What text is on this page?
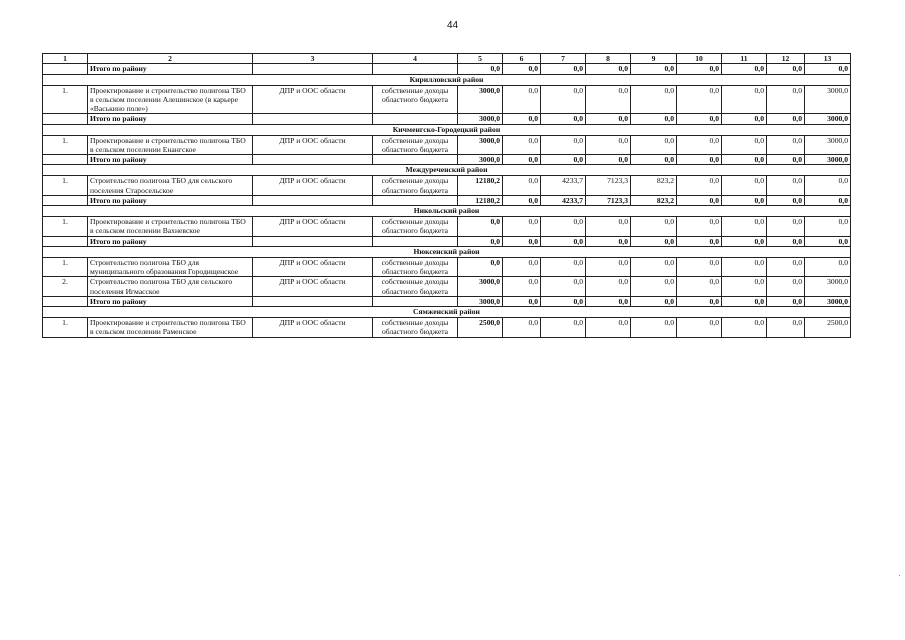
44
1	2	3	4	5	6	7	8	9	10	11	12	13
	Итого по району			0,0	0,0	0,0	0,0	0,0	0,0	0,0	0,0	0,0
Кирилловский район												
1.	Проектирование и строительство полигона ТБО в сельском поселении Алешинское (в карьере «Васькино поле»)	ДПР и ООС области	собственные доходы областного бюджета	3000,0	0,0	0,0	0,0	0,0	0,0	0,0	0,0	3000,0
	Итого по району			3000,0	0,0	0,0	0,0	0,0	0,0	0,0	0,0	3000,0
Кичменгско-Городецкий район												
1.	Проектирование и строительство полигона ТБО в сельском поселении Енангское	ДПР и ООС области	собственные доходы областного бюджета	3000,0	0,0	0,0	0,0	0,0	0,0	0,0	0,0	3000,0
	Итого по району			3000,0	0,0	0,0	0,0	0,0	0,0	0,0	0,0	3000,0
Междуреченский район												
1.	Строительство полигона ТБО для сельского поселения Старосельское	ДПР и ООС области	собственные доходы областного бюджета	12180,2	0,0	4233,7	7123,3	823,2	0,0	0,0	0,0	0,0
	Итого по району			12180,2	0,0	4233,7	7123,3	823,2	0,0	0,0	0,0	0,0
Никольский район												
1.	Проектирование и строительство полигона ТБО в сельском поселении Вахневское	ДПР и ООС области	собственные доходы областного бюджета	0,0	0,0	0,0	0,0	0,0	0,0	0,0	0,0	0,0
	Итого по району			0,0	0,0	0,0	0,0	0,0	0,0	0,0	0,0	0,0
Нюксенский район												
1.	Строительство полигона ТБО для муниципального образования Городищенское	ДПР и ООС области	собственные доходы областного бюджета	0,0	0,0	0,0	0,0	0,0	0,0	0,0	0,0	0,0
2.	Строительство полигона ТБО для сельского поселения Игмасское	ДПР и ООС области	собственные доходы областного бюджета	3000,0	0,0	0,0	0,0	0,0	0,0	0,0	0,0	3000,0
	Итого по району			3000,0	0,0	0,0	0,0	0,0	0,0	0,0	0,0	3000,0
Сямженский район												
1.	Проектирование и строительство полигона ТБО в сельском поселении Раменское	ДПР и ООС области	собственные доходы областного бюджета	2500,0	0,0	0,0	0,0	0,0	0,0	0,0	0,0	2500,0
·
